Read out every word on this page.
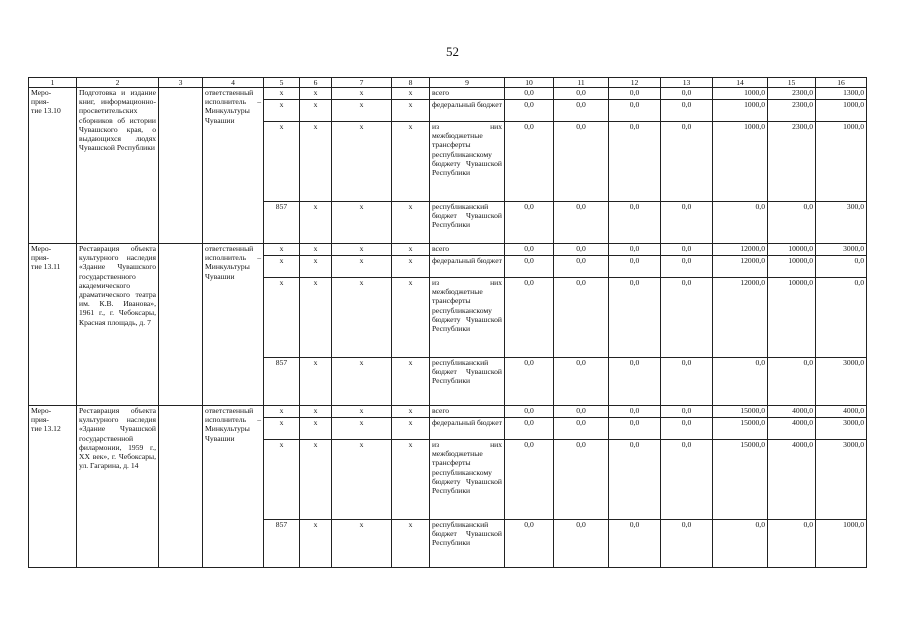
52
1	2	3	4	5	6	7	8	9	10	11	12	13	14	15	16
Меро-
прия-
тие 13.10	Подготовка и издание книг, информационно-просветительских сборников об истории Чувашского края, о выдающихся людях Чувашской Республики		ответственный исполнитель – Минкультуры Чувашии	х	х	х	х	всего	0,0	0,0	0,0	0,0	1000,0	2300,0	1300,0
				х	х	х	х	федеральный бюджет	0,0	0,0	0,0	0,0	1000,0	2300,0	1000,0
				х	х	х	х	из них межбюджетные трансферты республиканскому бюджету Чувашской Республики	0,0	0,0	0,0	0,0	1000,0	2300,0	1000,0
				857	х	х	х	республиканский бюджет Чувашской Республики	0,0	0,0	0,0	0,0	0,0	0,0	300,0
Меро-
прия-
тие 13.11	Реставрация объекта культурного наследия «Здание Чувашского государственного академического драматического театра им. К.В. Иванова», 1961 г., г. Чебоксары, Красная площадь, д. 7		ответственный исполнитель – Минкультуры Чувашии	х	х	х	х	всего	0,0	0,0	0,0	0,0	12000,0	10000,0	3000,0
				х	х	х	х	федеральный бюджет	0,0	0,0	0,0	0,0	12000,0	10000,0	0,0
				х	х	х	х	из них межбюджетные трансферты республиканскому бюджету Чувашской Республики	0,0	0,0	0,0	0,0	12000,0	10000,0	0,0
				857	х	х	х	республиканский бюджет Чувашской Республики	0,0	0,0	0,0	0,0	0,0	0,0	3000,0
Меро-
прия-
тие 13.12	Реставрация объекта культурного наследия «Здание Чувашской государственной филармонии, 1959 г., XX век», г. Чебоксары, ул. Гагарина, д. 14		ответственный исполнитель – Минкультуры Чувашии	х	х	х	х	всего	0,0	0,0	0,0	0,0	15000,0	4000,0	4000,0
				х	х	х	х	федеральный бюджет	0,0	0,0	0,0	0,0	15000,0	4000,0	3000,0
				х	х	х	х	из них межбюджетные трансферты республиканскому бюджету Чувашской Республики	0,0	0,0	0,0	0,0	15000,0	4000,0	3000,0
				857	х	х	х	республиканский бюджет Чувашской Республики	0,0	0,0	0,0	0,0	0,0	0,0	1000,0
